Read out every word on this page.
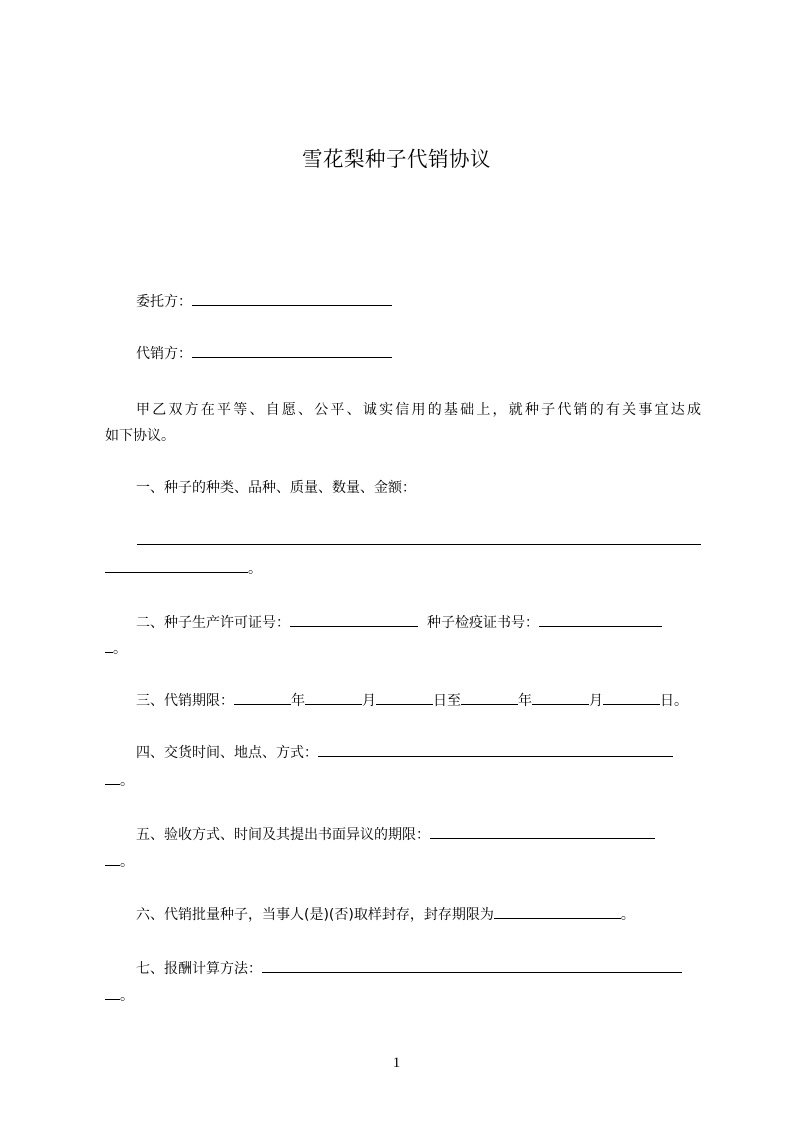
雪花梨种子代销协议
委托方：
代销方：
甲乙双方在平等、自愿、公平、诚实信用的基础上，就种子代销的有关事宜达成
如下协议。
一、种子的种类、品种、质量、数量、金额：
。
二、种子生产许可证号：	种子检疫证书号：
。
三、代销期限：	年	月	日至	年	月	日。
四、交货时间、地点、方式：
。
五、验收方式、时间及其提出书面异议的期限：
。
六、代销批量种子，当事人(是)(否)取样封存，封存期限为	。
七、报酬计算方法：
。
1
